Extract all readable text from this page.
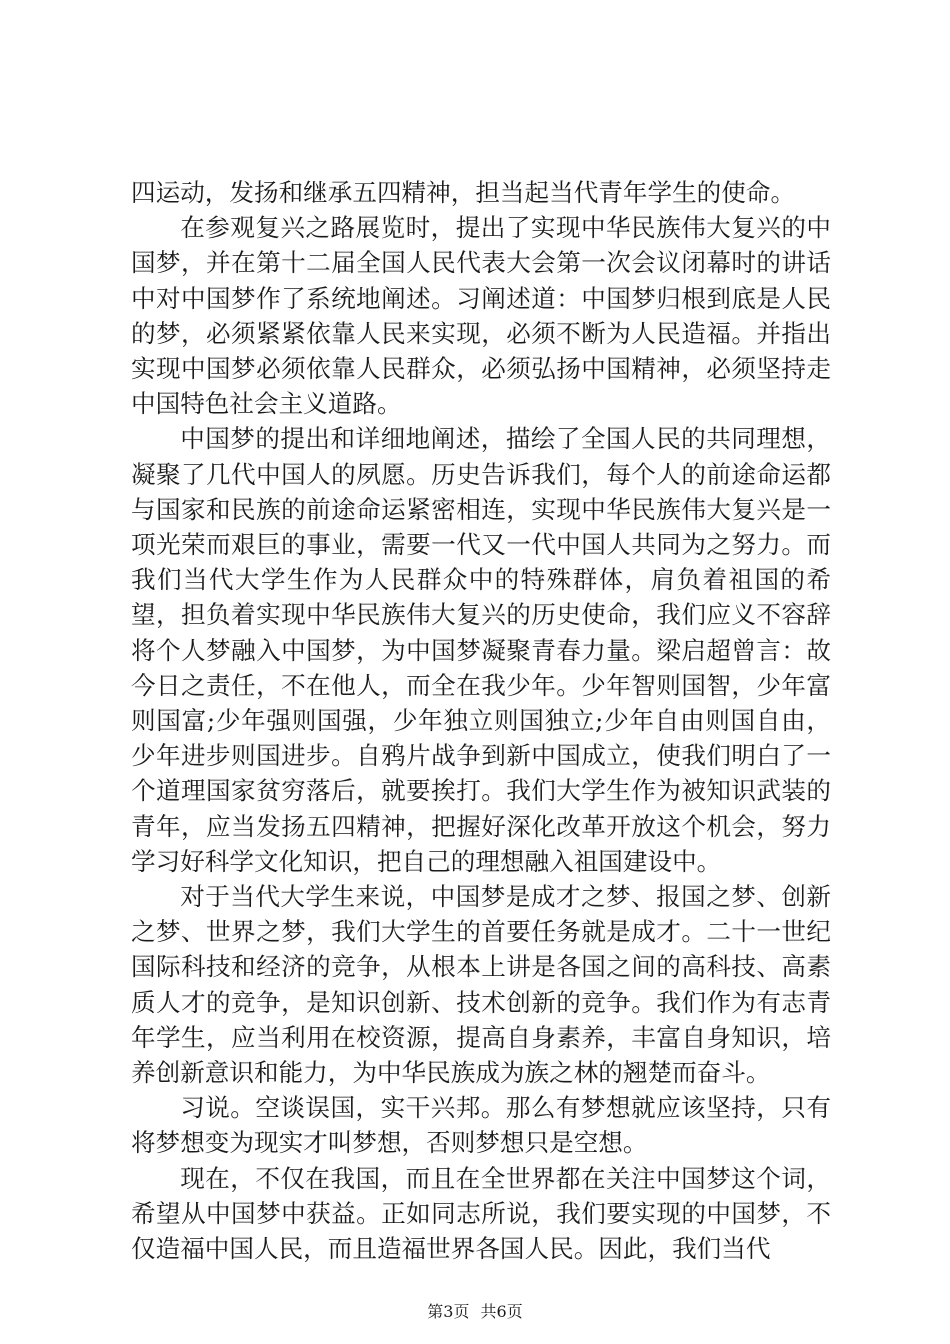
四运动，发扬和继承五四精神，担当起当代青年学生的使命。

在参观复兴之路展览时，提出了实现中华民族伟大复兴的中国梦，并在第十二届全国人民代表大会第一次会议闭幕时的讲话中对中国梦作了系统地阐述。习阐述道：中国梦归根到底是人民的梦，必须紧紧依靠人民来实现，必须不断为人民造福。并指出实现中国梦必须依靠人民群众，必须弘扬中国精神，必须坚持走中国特色社会主义道路。

中国梦的提出和详细地阐述，描绘了全国人民的共同理想，凝聚了几代中国人的夙愿。历史告诉我们，每个人的前途命运都与国家和民族的前途命运紧密相连，实现中华民族伟大复兴是一项光荣而艰巨的事业，需要一代又一代中国人共同为之努力。而我们当代大学生作为人民群众中的特殊群体，肩负着祖国的希望，担负着实现中华民族伟大复兴的历史使命，我们应义不容辞将个人梦融入中国梦，为中国梦凝聚青春力量。梁启超曾言：故今日之责任，不在他人，而全在我少年。少年智则国智，少年富则国富;少年强则国强，少年独立则国独立;少年自由则国自由，少年进步则国进步。自鸦片战争到新中国成立，使我们明白了一个道理国家贫穷落后，就要挨打。我们大学生作为被知识武装的青年，应当发扬五四精神，把握好深化改革开放这个机会，努力学习好科学文化知识，把自己的理想融入祖国建设中。

对于当代大学生来说，中国梦是成才之梦、报国之梦、创新之梦、世界之梦，我们大学生的首要任务就是成才。二十一世纪国际科技和经济的竞争，从根本上讲是各国之间的高科技、高素质人才的竞争，是知识创新、技术创新的竞争。我们作为有志青年学生，应当利用在校资源，提高自身素养，丰富自身知识，培养创新意识和能力，为中华民族成为族之林的翘楚而奋斗。

习说。空谈误国，实干兴邦。那么有梦想就应该坚持，只有将梦想变为现实才叫梦想，否则梦想只是空想。

现在，不仅在我国，而且在全世界都在关注中国梦这个词，希望从中国梦中获益。正如同志所说，我们要实现的中国梦，不仅造福中国人民，而且造福世界各国人民。因此，我们当代

第3页 共6页
